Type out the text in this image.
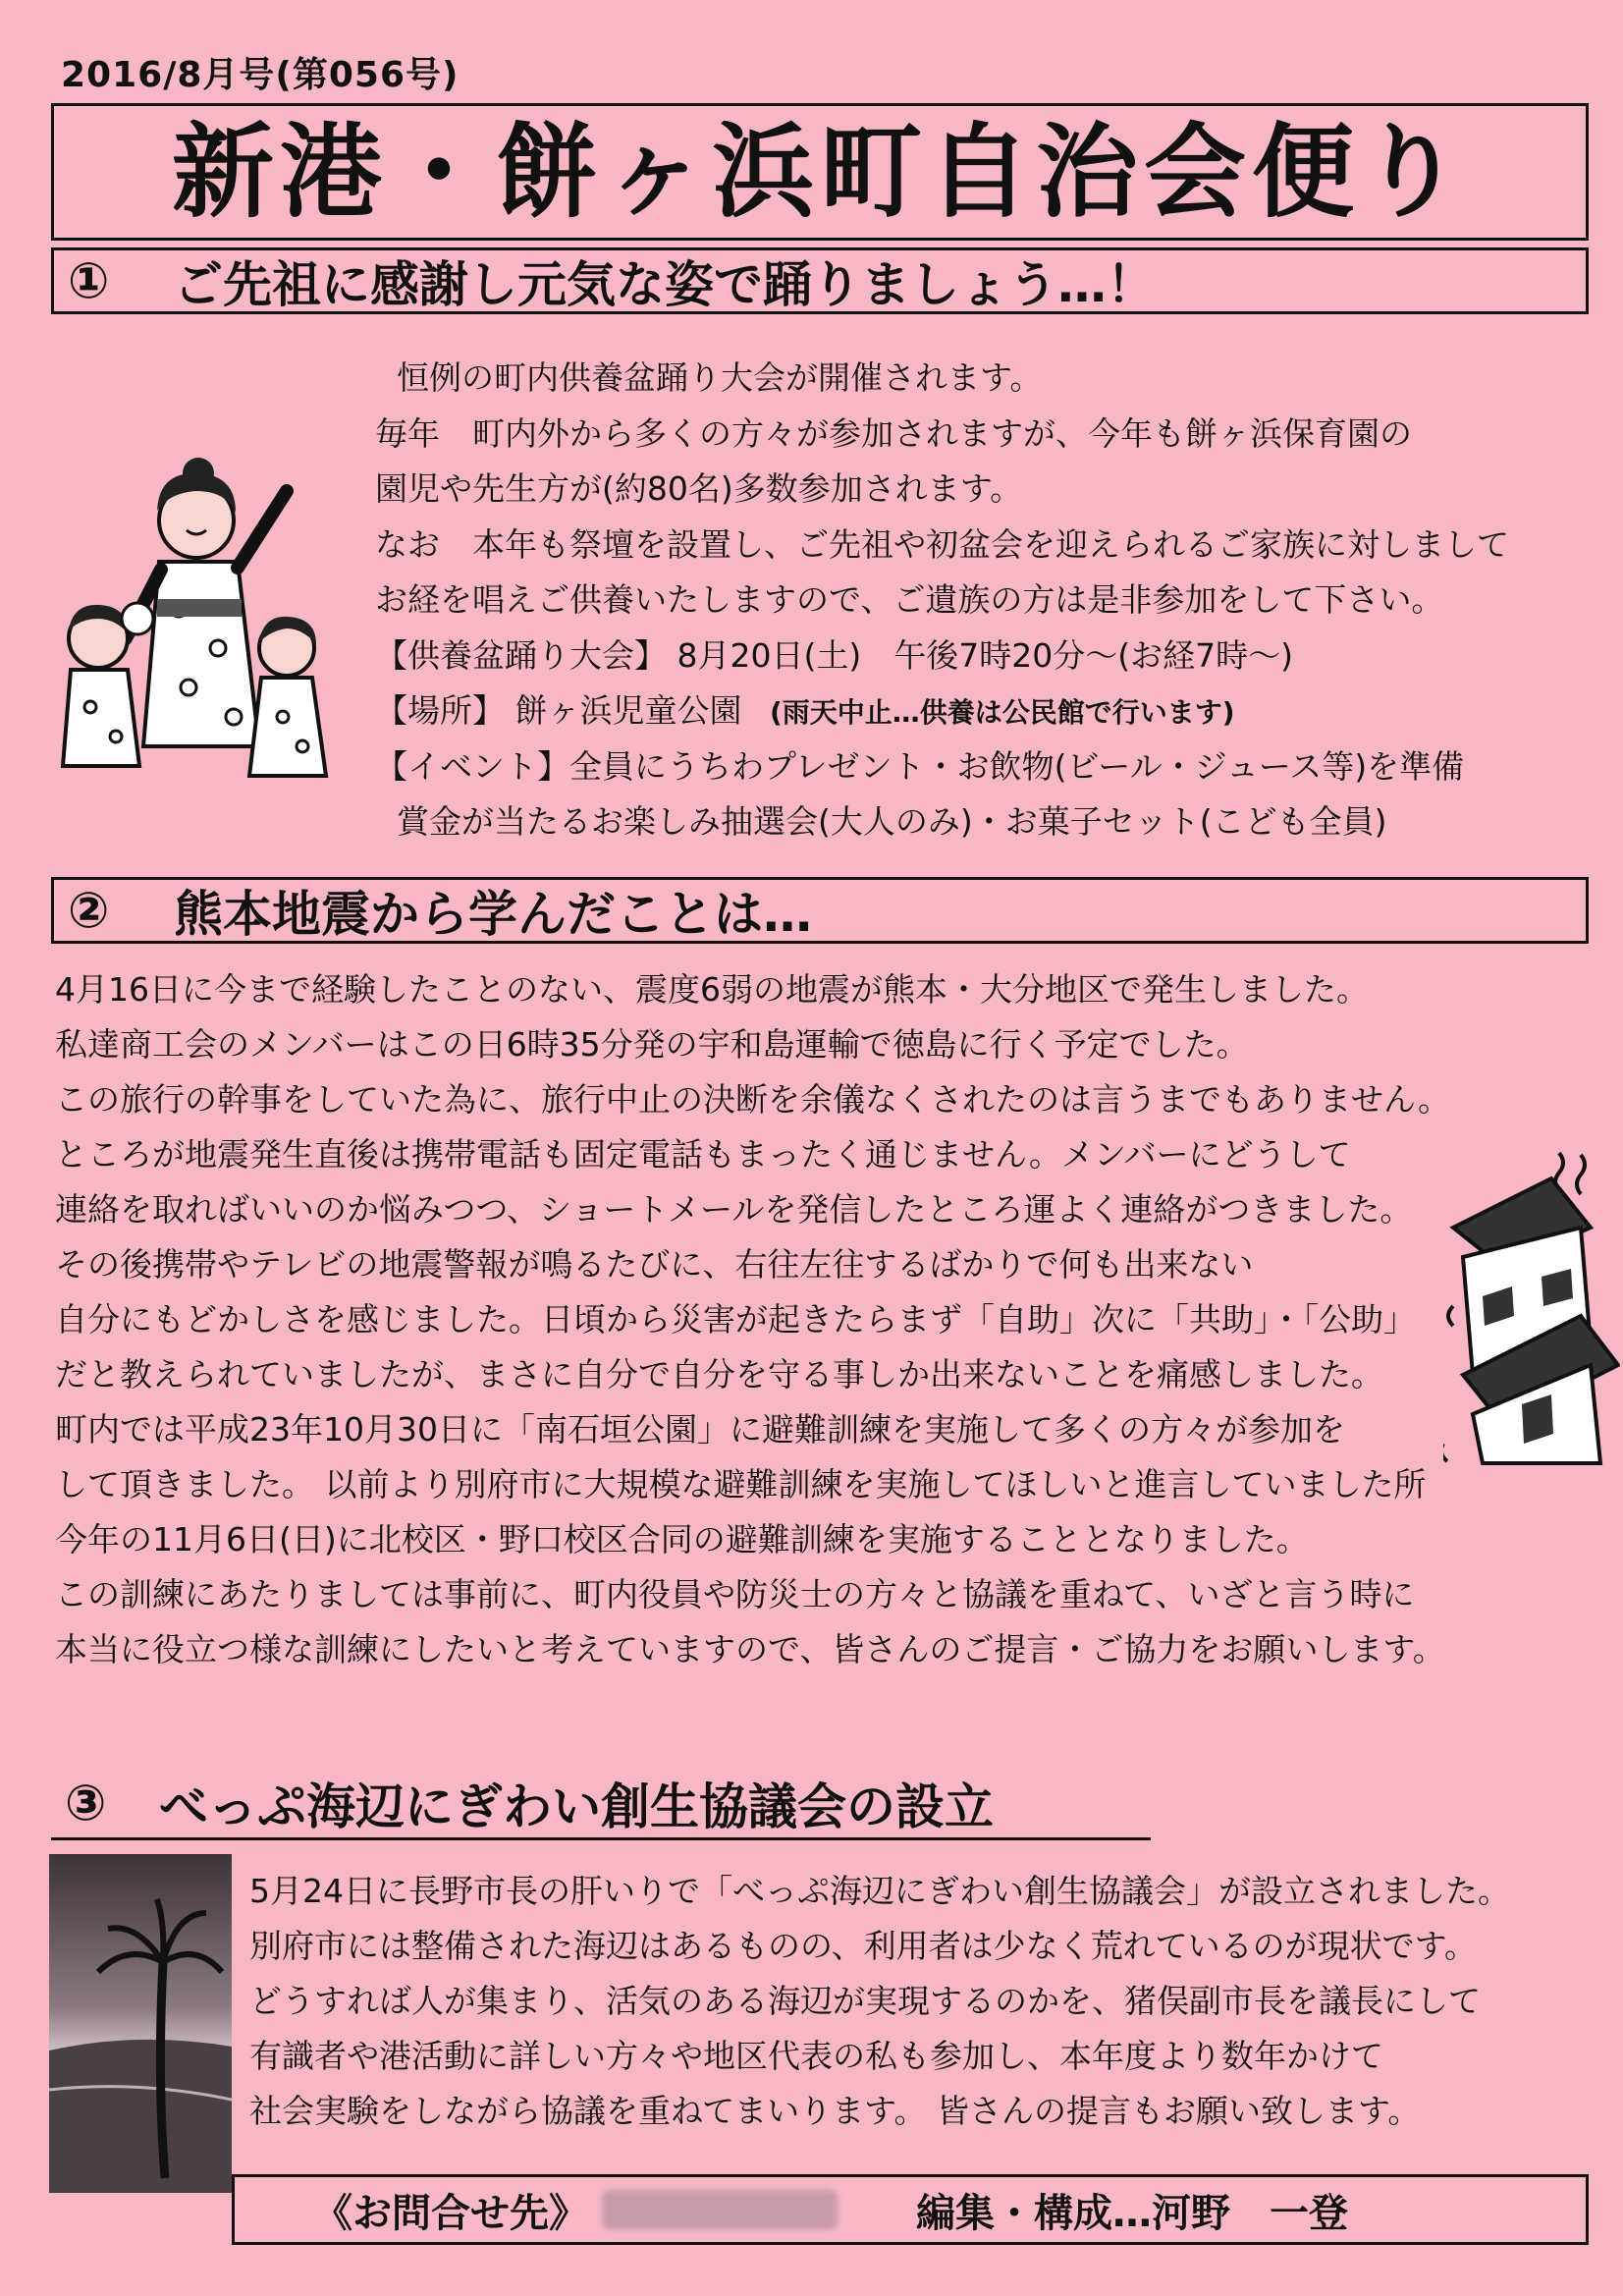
2016/8月号(第056号)
新港・餅ヶ浜町自治会便り
①	ご先祖に感謝し元気な姿で踊りましょう…！
恒例の町内供養盆踊り大会が開催されます。
毎年　町内外から多くの方々が参加されますが、今年も餅ヶ浜保育園の
園児や先生方が(約80名)多数参加されます。
なお　本年も祭壇を設置し、ご先祖や初盆会を迎えられるご家族に対しまして
お経を唱えご供養いたしますので、ご遺族の方は是非参加をして下さい。
【供養盆踊り大会】 8月20日(土)　午後7時20分～(お経7時～)
【場所】 餅ヶ浜児童公園 (雨天中止…供養は公民館で行います)
【イベント】全員にうちわプレゼント・お飲物(ビール・ジュース等)を準備
賞金が当たるお楽しみ抽選会(大人のみ)・お菓子セット(こども全員)
②	熊本地震から学んだことは…
4月16日に今まで経験したことのない、震度6弱の地震が熊本・大分地区で発生しました。
私達商工会のメンバーはこの日6時35分発の宇和島運輸で徳島に行く予定でした。
この旅行の幹事をしていた為に、旅行中止の決断を余儀なくされたのは言うまでもありません。
ところが地震発生直後は携帯電話も固定電話もまったく通じません。メンバーにどうして
連絡を取ればいいのか悩みつつ、ショートメールを発信したところ運よく連絡がつきました。
その後携帯やテレビの地震警報が鳴るたびに、右往左往するばかりで何も出来ない
自分にもどかしさを感じました。日頃から災害が起きたらまず「自助」次に「共助」・「公助」
だと教えられていましたが、まさに自分で自分を守る事しか出来ないことを痛感しました。
町内では平成23年10月30日に「南石垣公園」に避難訓練を実施して多くの方々が参加を
して頂きました。 以前より別府市に大規模な避難訓練を実施してほしいと進言していました所
今年の11月6日(日)に北校区・野口校区合同の避難訓練を実施することとなりました。
この訓練にあたりましては事前に、町内役員や防災士の方々と協議を重ねて、いざと言う時に
本当に役立つ様な訓練にしたいと考えていますので、皆さんのご提言・ご協力をお願いします。
③	べっぷ海辺にぎわい創生協議会の設立
5月24日に長野市長の肝いりで「べっぷ海辺にぎわい創生協議会」が設立されました。
別府市には整備された海辺はあるものの、利用者は少なく荒れているのが現状です。
どうすれば人が集まり、活気のある海辺が実現するのかを、猪俣副市長を議長にして
有識者や港活動に詳しい方々や地区代表の私も参加し、本年度より数年かけて
社会実験をしながら協議を重ねてまいります。 皆さんの提言もお願い致します。
《お問合せ先》	編集・構成…河野　一登
